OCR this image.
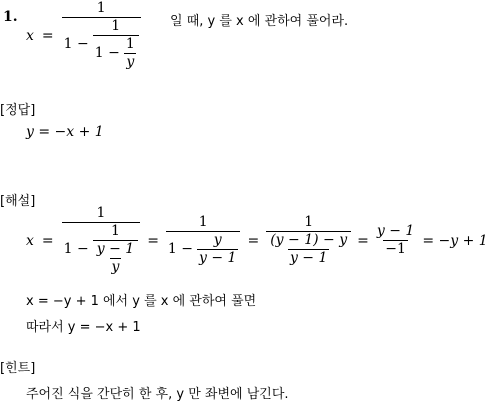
1.
x =
1
$1 - \frac{1}{1 - \frac{1}{y}}$ 일 때, y 를 x 에 관하여 풀어라.
[정답]
y = −x + 1
[해설]
x =
1
$1 - \frac{1}{\frac{y - 1}{y}} = \frac{1}{1 - \frac{y}{y - 1}} = \frac{1}{\frac{(y - 1) - y}{y - 1}} = \frac{y - 1}{-1} = -y + 1$
x = −y + 1 에서 y 를 x 에 관하여 풀면
따라서 y = −x + 1
[힌트]
주어진 식을 간단히 한 후, y 만 좌변에 남긴다.
